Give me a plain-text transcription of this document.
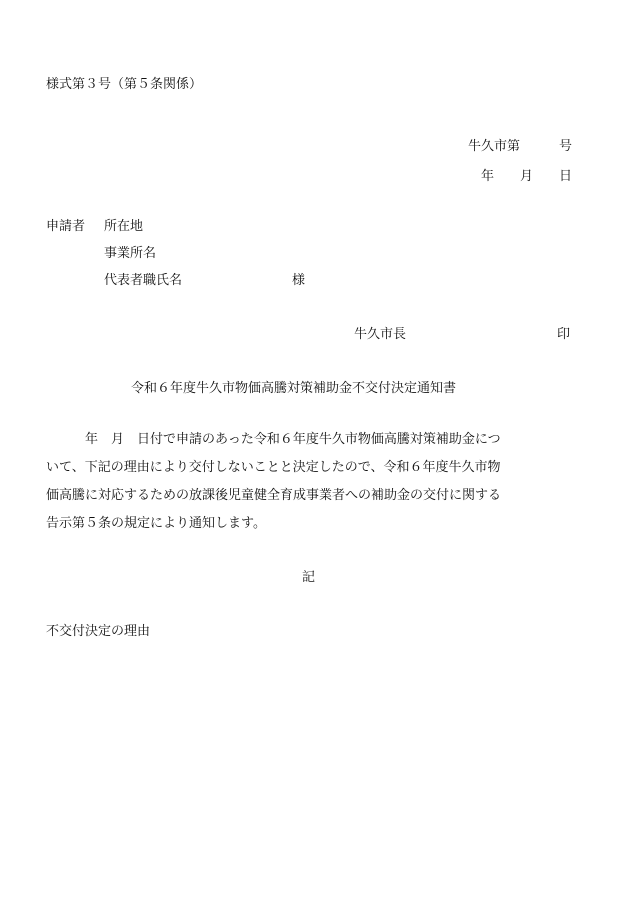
様式第３号（第５条関係）
牛久市第　　　号
年　　月　　日
申請者 所在地
事業所名
代表者職氏名	様
牛久市長	印
令和６年度牛久市物価高騰対策補助金不交付決定通知書
　　　年　月　日付で申請のあった令和６年度牛久市物価高騰対策補助金につ
いて、下記の理由により交付しないことと決定したので、令和６年度牛久市物
価高騰に対応するための放課後児童健全育成事業者への補助金の交付に関する
告示第５条の規定により通知します。
記
不交付決定の理由
